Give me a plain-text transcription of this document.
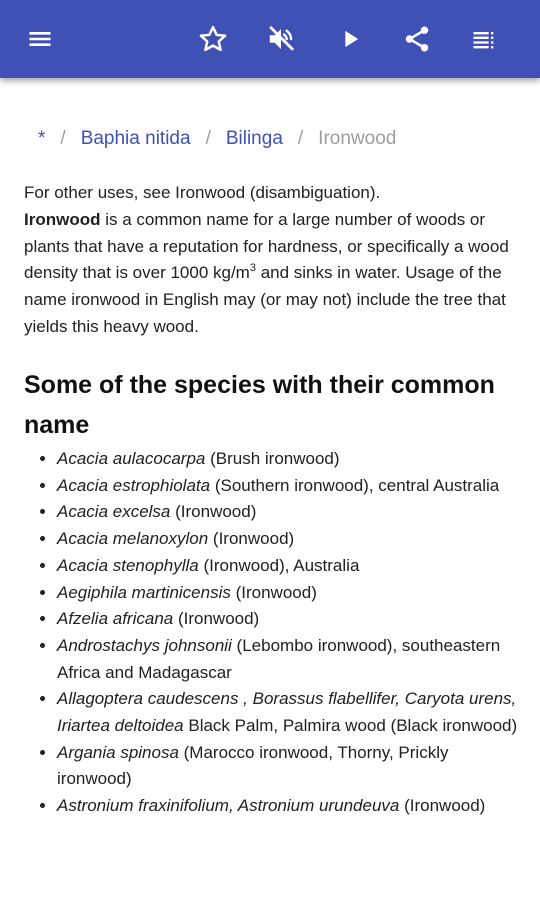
* / Baphia nitida / Bilinga / Ironwood

For other uses, see Ironwood (disambiguation).

Ironwood is a common name for a large number of woods or plants that have a reputation for hardness, or specifically a wood density that is over 1000 $kg/m^3$ and sinks in water. Usage of the name ironwood in English may (or may not) include the tree that yields this heavy wood.

Some of the species with their common name
• Acacia aulacocarpa (Brush ironwood)
• Acacia estrophiolata (Southern ironwood), central Australia
• Acacia excelsa (Ironwood)
• Acacia melanoxylon (Ironwood)
• Acacia stenophylla (Ironwood), Australia
• Aegiphila martinicensis (Ironwood)
• Afzelia africana (Ironwood)
• Androstachys johnsonii (Lebombo ironwood), southeastern Africa and Madagascar
• Allagoptera caudescens , Borassus flabellifer, Caryota urens, Iriartea deltoidea Black Palm, Palmira wood (Black ironwood)
• Argania spinosa (Marocco ironwood, Thorny, Prickly ironwood)
• Astronium fraxinifolium, Astronium urundeuva (Ironwood)
